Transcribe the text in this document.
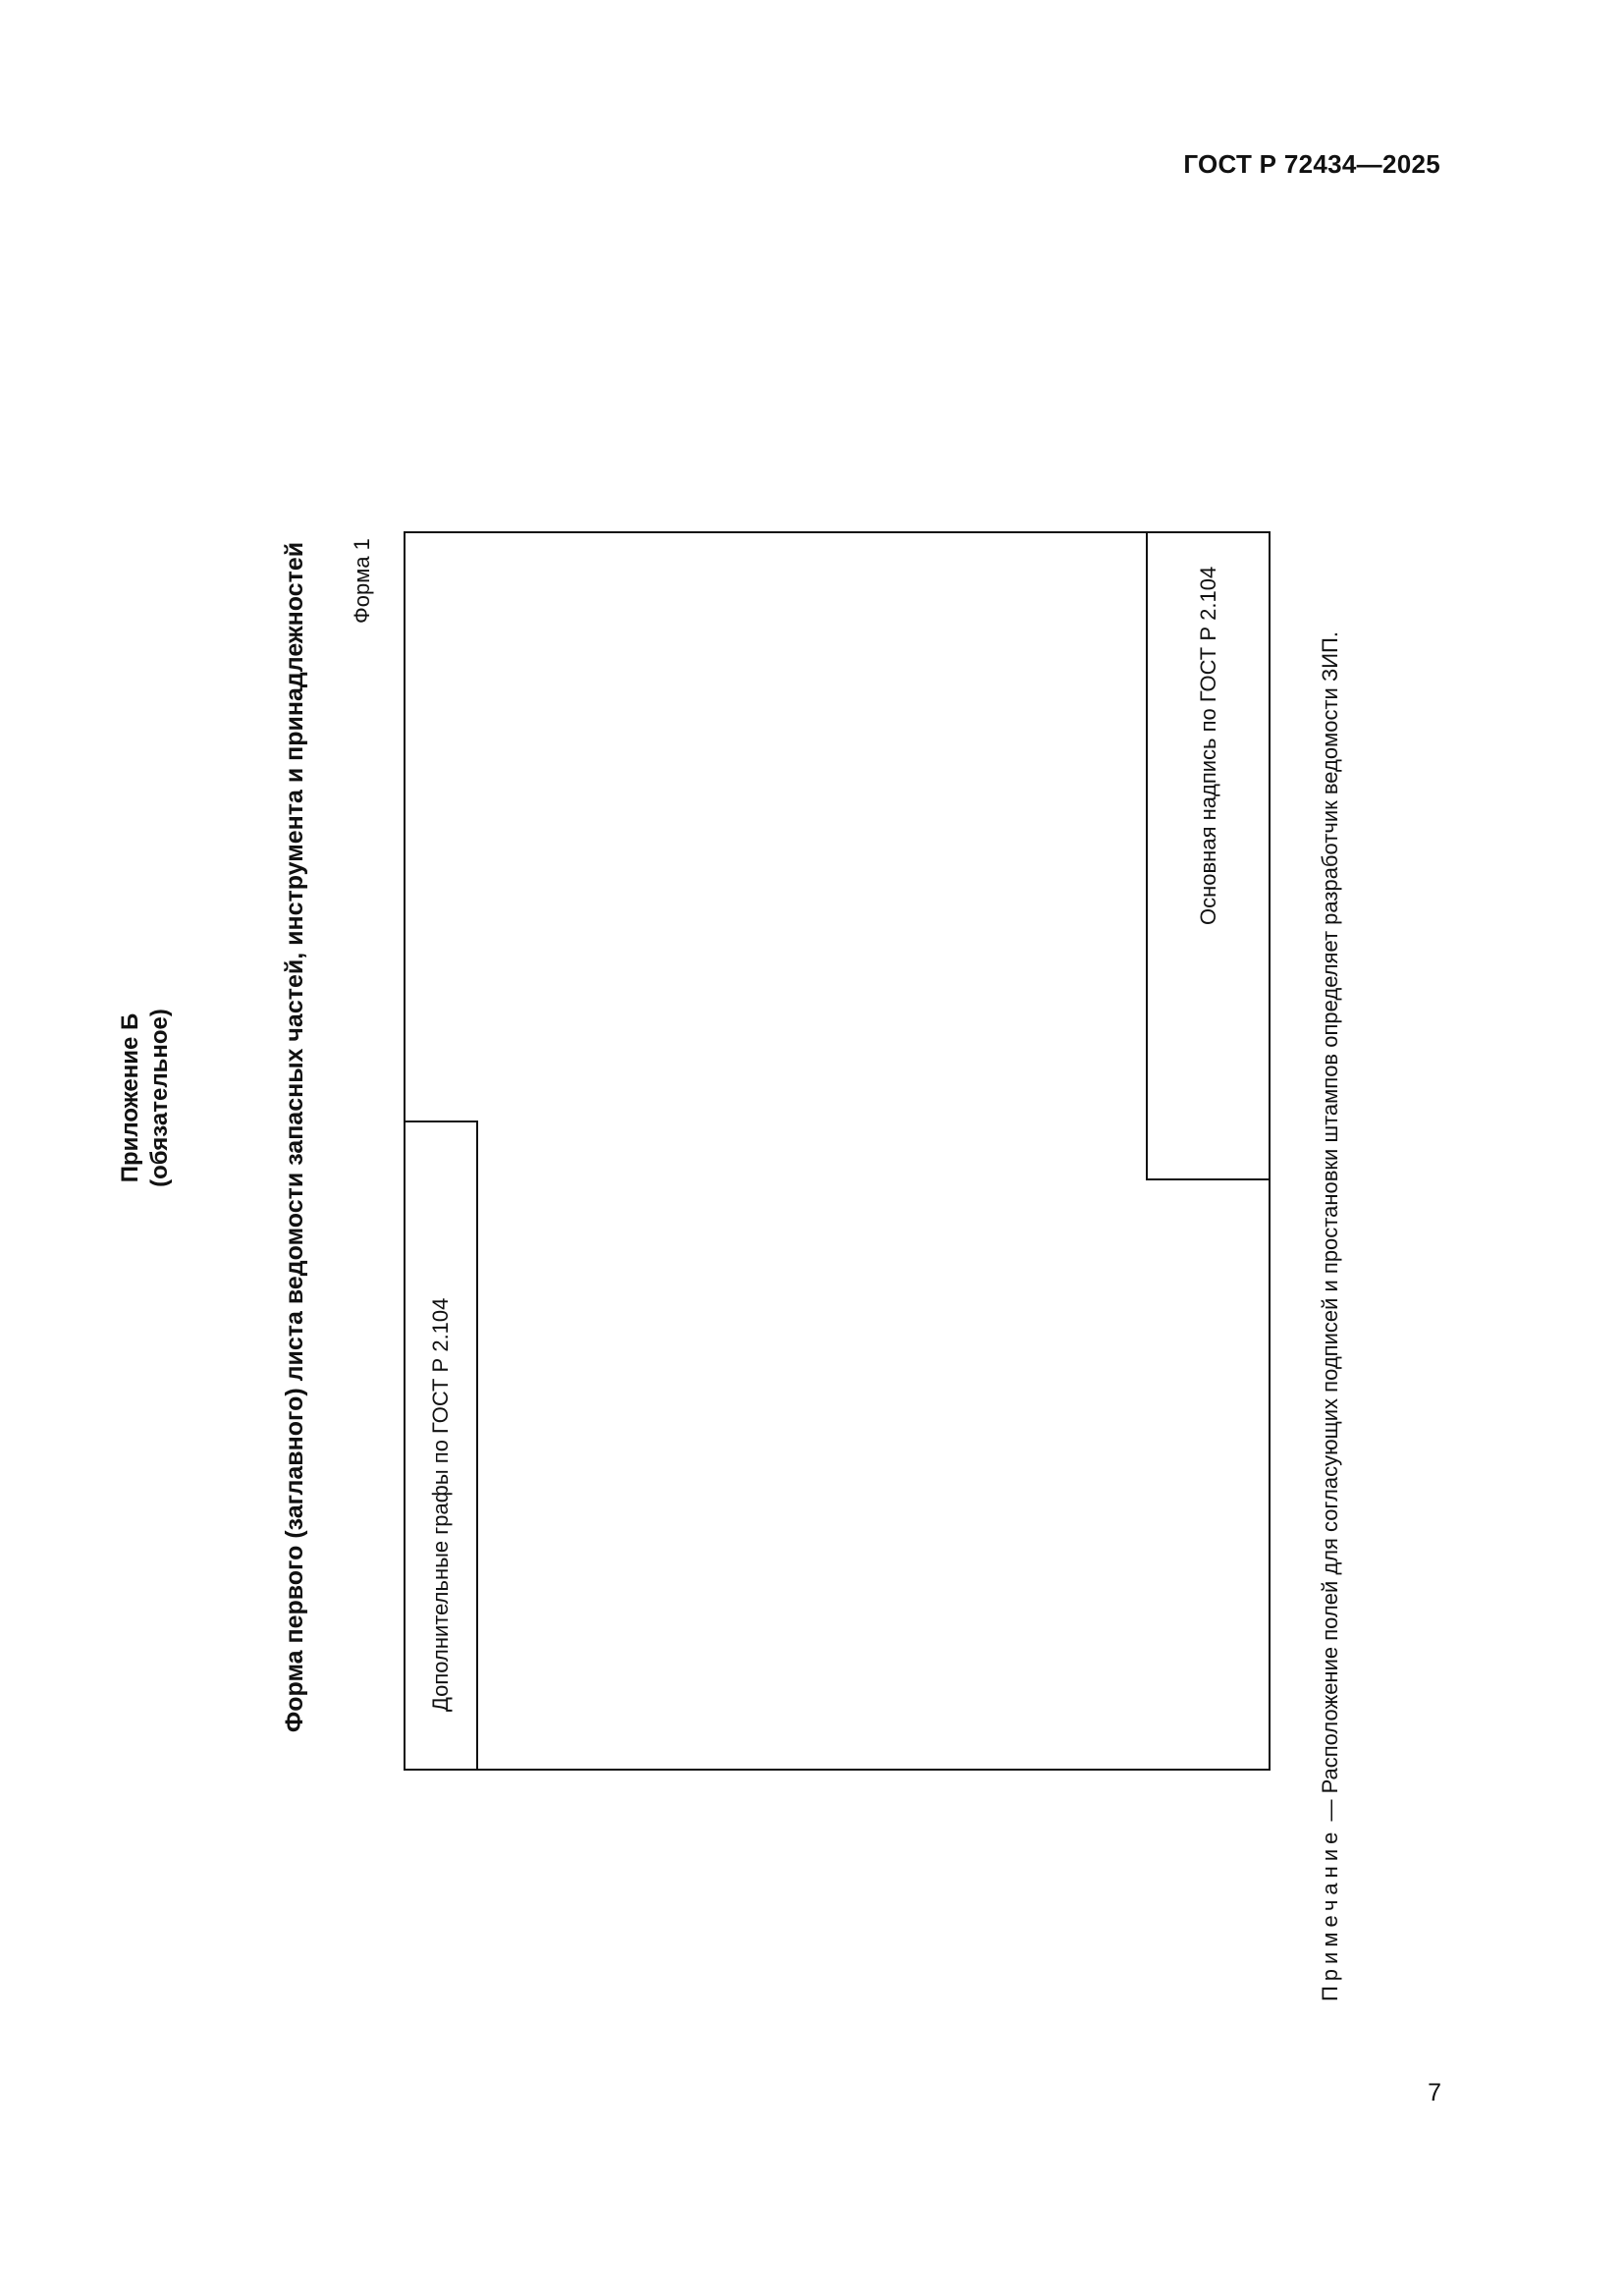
ГОСТ Р 72434—2025
Приложение Б (обязательное)	Форма первого (заглавного) листа ведомости запасных частей, инструмента и принадлежностей Форма 1
Дополнительные графы по ГОСТ Р 2.104
Основная надпись по ГОСТ Р 2.104
Примечание — Расположение полей для согласующих подписей и простановки штампов определяет разработчик ведомости ЗИП.
7
